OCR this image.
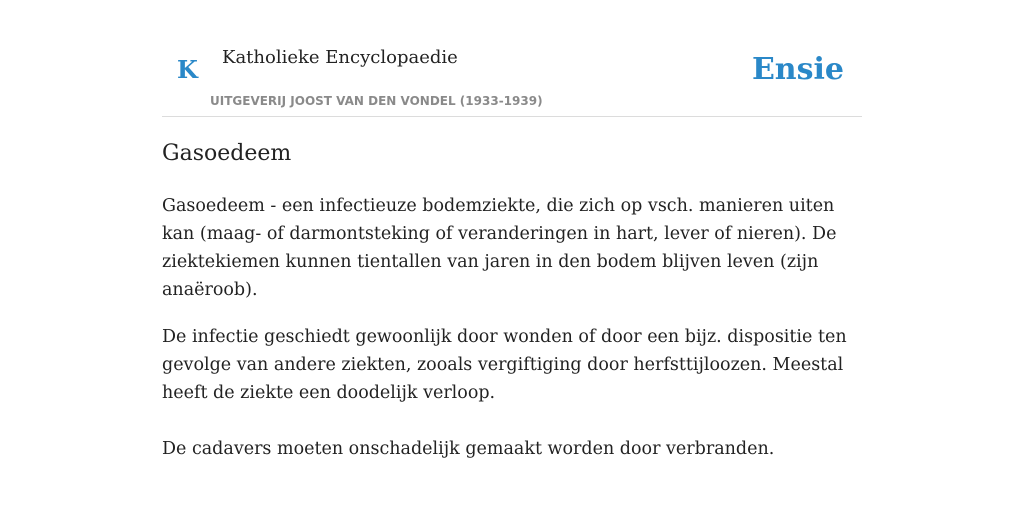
K Katholieke Encyclopaedie
UITGEVERIJ JOOST VAN DEN VONDEL (1933-1939)
Ensie
Gasoedeem

Gasoedeem - een infectieuze bodemziekte, die zich op vsch. manieren uiten kan (maag- of darmontsteking of veranderingen in hart, lever of nieren). De ziektekiemen kunnen tientallen van jaren in den bodem blijven leven (zijn anaëroob).

De infectie geschiedt gewoonlijk door wonden of door een bijz. dispositie ten gevolge van andere ziekten, zooals vergiftiging door herfsttijloozen. Meestal heeft de ziekte een doodelijk verloop.

De cadavers moeten onschadelijk gemaakt worden door verbranden.
